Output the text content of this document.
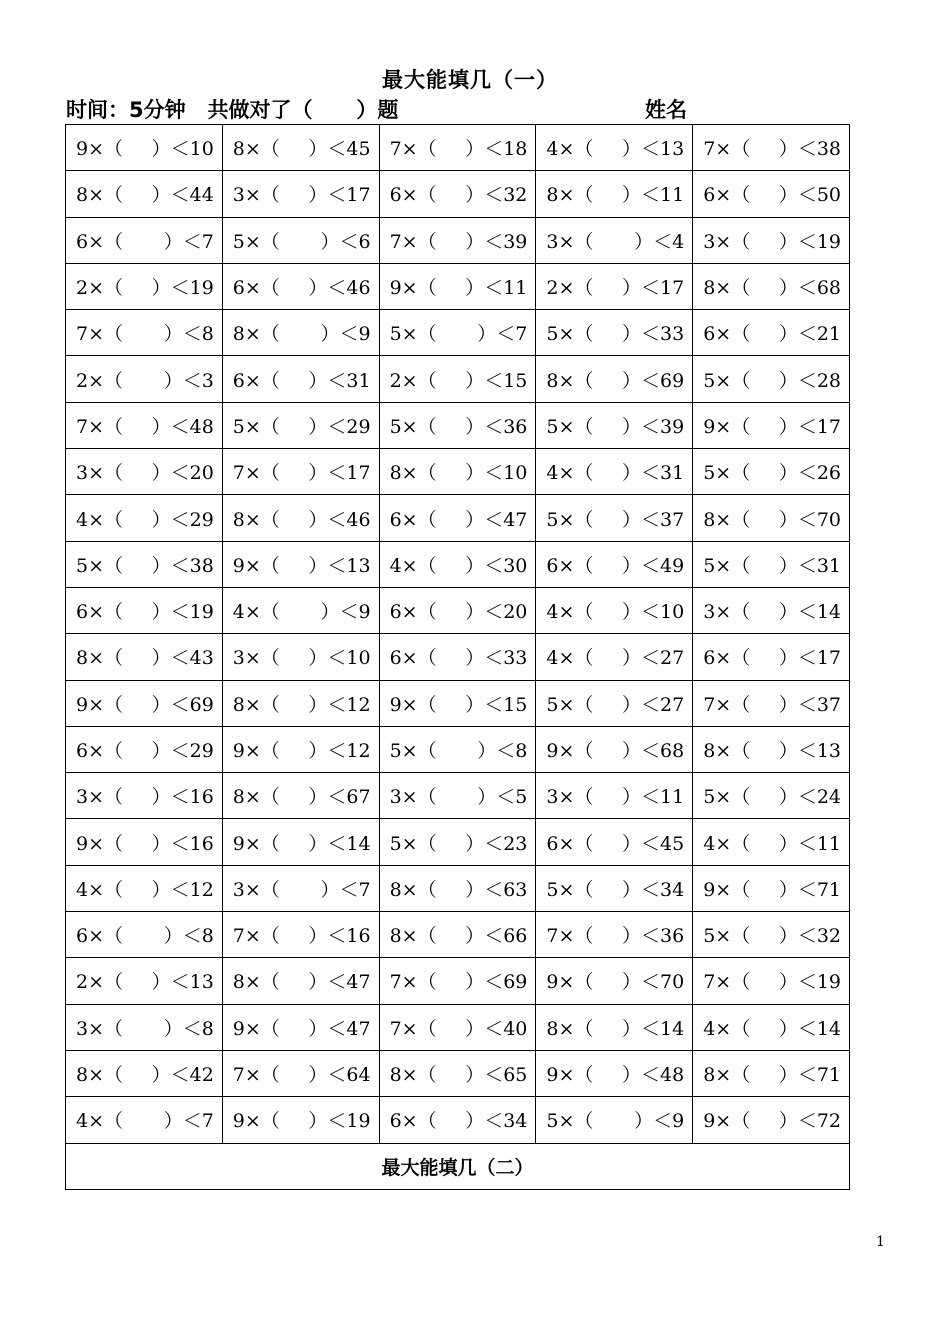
最大能填几（一）
时间：5分钟   共做对了（      ）题	姓名
9×（ ）＜10	8×（ ）＜45	7×（ ）＜18	4×（ ）＜13	7×（ ）＜38

8×（ ）＜44	3×（ ）＜17	6×（ ）＜32	8×（ ）＜11	6×（ ）＜50

6×（ ）＜7	5×（ ）＜6	7×（ ）＜39	3×（ ）＜4	3×（ ）＜19

2×（ ）＜19	6×（ ）＜46	9×（ ）＜11	2×（ ）＜17	8×（ ）＜68

7×（ ）＜8	8×（ ）＜9	5×（ ）＜7	5×（ ）＜33	6×（ ）＜21

2×（ ）＜3	6×（ ）＜31	2×（ ）＜15	8×（ ）＜69	5×（ ）＜28

7×（ ）＜48	5×（ ）＜29	5×（ ）＜36	5×（ ）＜39	9×（ ）＜17

3×（ ）＜20	7×（ ）＜17	8×（ ）＜10	4×（ ）＜31	5×（ ）＜26

4×（ ）＜29	8×（ ）＜46	6×（ ）＜47	5×（ ）＜37	8×（ ）＜70

5×（ ）＜38	9×（ ）＜13	4×（ ）＜30	6×（ ）＜49	5×（ ）＜31

6×（ ）＜19	4×（ ）＜9	6×（ ）＜20	4×（ ）＜10	3×（ ）＜14

8×（ ）＜43	3×（ ）＜10	6×（ ）＜33	4×（ ）＜27	6×（ ）＜17

9×（ ）＜69	8×（ ）＜12	9×（ ）＜15	5×（ ）＜27	7×（ ）＜37

6×（ ）＜29	9×（ ）＜12	5×（ ）＜8	9×（ ）＜68	8×（ ）＜13

3×（ ）＜16	8×（ ）＜67	3×（ ）＜5	3×（ ）＜11	5×（ ）＜24

9×（ ）＜16	9×（ ）＜14	5×（ ）＜23	6×（ ）＜45	4×（ ）＜11

4×（ ）＜12	3×（ ）＜7	8×（ ）＜63	5×（ ）＜34	9×（ ）＜71

6×（ ）＜8	7×（ ）＜16	8×（ ）＜66	7×（ ）＜36	5×（ ）＜32

2×（ ）＜13	8×（ ）＜47	7×（ ）＜69	9×（ ）＜70	7×（ ）＜19

3×（ ）＜8	9×（ ）＜47	7×（ ）＜40	8×（ ）＜14	4×（ ）＜14

8×（ ）＜42	7×（ ）＜64	8×（ ）＜65	9×（ ）＜48	8×（ ）＜71

4×（ ）＜7	9×（ ）＜19	6×（ ）＜34	5×（ ）＜9	9×（ ）＜72

最大能填几（二）				
1
